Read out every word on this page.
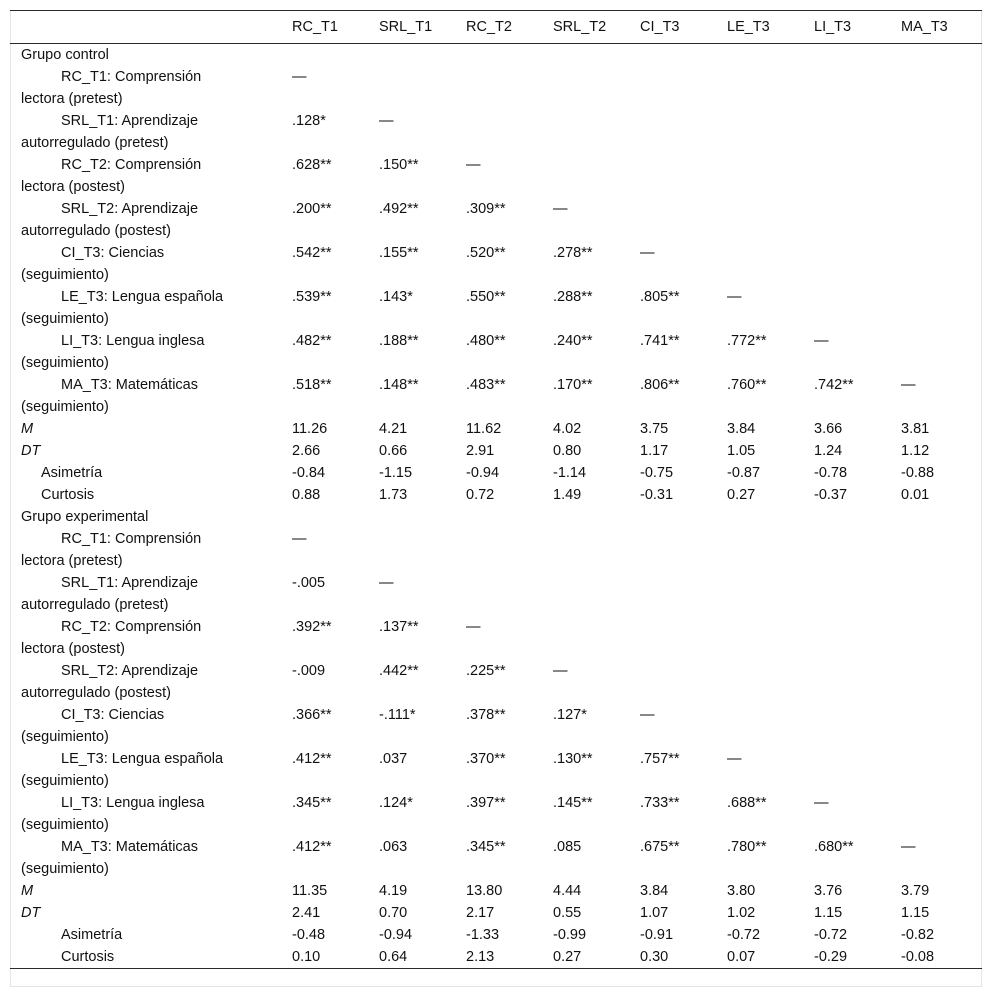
	RC_T1	SRL_T1	RC_T2	SRL_T2	CI_T3	LE_T3	LI_T3	MA_T3
Grupo control								

RC_T1: Comprensión
lectora (pretest)	—							

SRL_T1: Aprendizaje
autorregulado (pretest)	.128*	—						

RC_T2: Comprensión
lectora (postest)	.628**	.150**	—					

SRL_T2: Aprendizaje
autorregulado (postest)	.200**	.492**	.309**	—				

CI_T3: Ciencias
(seguimiento)	.542**	.155**	.520**	.278**	—			

LE_T3: Lengua española
(seguimiento)	.539**	.143*	.550**	.288**	.805**	—		

LI_T3: Lengua inglesa
(seguimiento)	.482**	.188**	.480**	.240**	.741**	.772**	—	

MA_T3: Matemáticas
(seguimiento)	.518**	.148**	.483**	.170**	.806**	.760**	.742**	—
M	11.26	4.21	11.62	4.02	3.75	3.84	3.66	3.81
DT	2.66	0.66	2.91	0.80	1.17	1.05	1.24	1.12
Asimetría	-0.84	-1.15	-0.94	-1.14	-0.75	-0.87	-0.78	-0.88
Curtosis	0.88	1.73	0.72	1.49	-0.31	0.27	-0.37	0.01
Grupo experimental								

RC_T1: Comprensión
lectora (pretest)	—							

SRL_T1: Aprendizaje
autorregulado (pretest)	-.005	—						

RC_T2: Comprensión
lectora (postest)	.392**	.137**	—					

SRL_T2: Aprendizaje
autorregulado (postest)	-.009	.442**	.225**	—				

CI_T3: Ciencias
(seguimiento)	.366**	-.111*	.378**	.127*	—			

LE_T3: Lengua española
(seguimiento)	.412**	.037	.370**	.130**	.757**	—		

LI_T3: Lengua inglesa
(seguimiento)	.345**	.124*	.397**	.145**	.733**	.688**	—	

MA_T3: Matemáticas
(seguimiento)	.412**	.063	.345**	.085	.675**	.780**	.680**	—
M	11.35	4.19	13.80	4.44	3.84	3.80	3.76	3.79
DT	2.41	0.70	2.17	0.55	1.07	1.02	1.15	1.15
Asimetría	-0.48	-0.94	-1.33	-0.99	-0.91	-0.72	-0.72	-0.82
Curtosis	0.10	0.64	2.13	0.27	0.30	0.07	-0.29	-0.08
